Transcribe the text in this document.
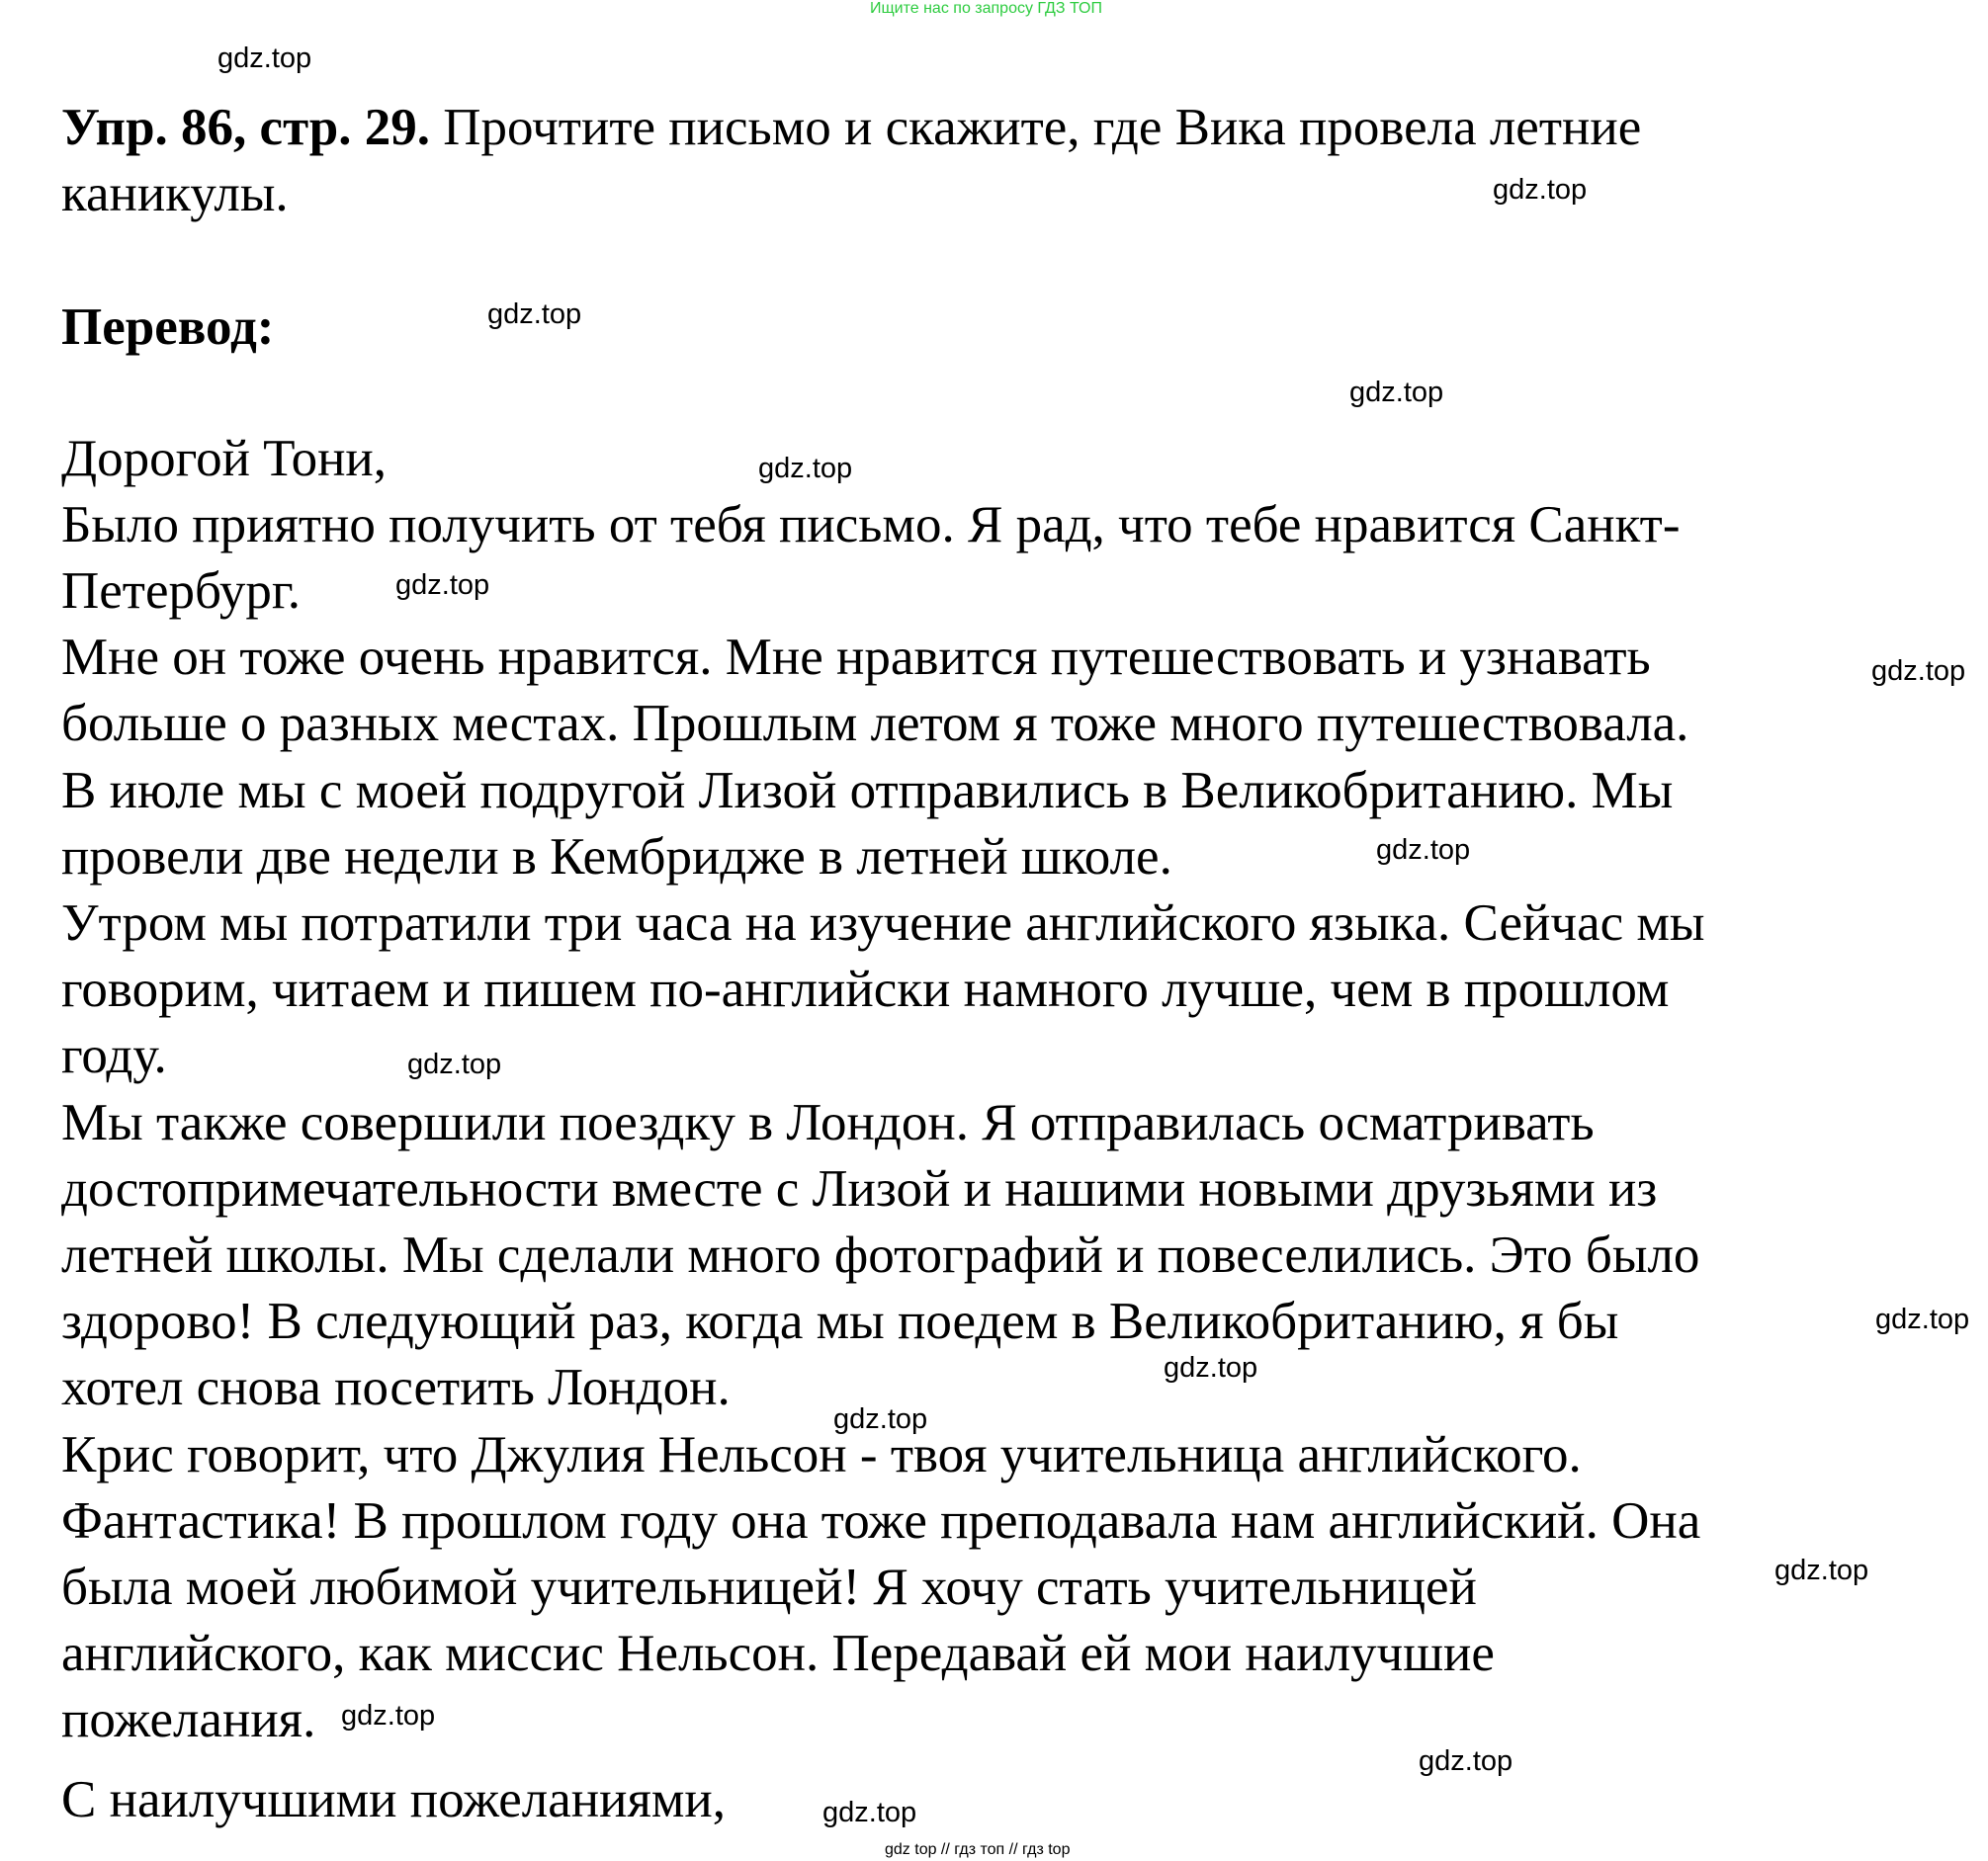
Ищите нас по запросу ГДЗ ТОП
Упр. 86, стр. 29. Прочтите письмо и скажите, где Вика провела летние
каникулы.
Перевод:
Дорогой Тони,
Было приятно получить от тебя письмо. Я рад, что тебе нравится Санкт-
Петербург.
Мне он тоже очень нравится. Мне нравится путешествовать и узнавать
больше о разных местах. Прошлым летом я тоже много путешествовала.
В июле мы с моей подругой Лизой отправились в Великобританию. Мы
провели две недели в Кембридже в летней школе.
Утром мы потратили три часа на изучение английского языка. Сейчас мы
говорим, читаем и пишем по-английски намного лучше, чем в прошлом
году.
Мы также совершили поездку в Лондон. Я отправилась осматривать
достопримечательности вместе с Лизой и нашими новыми друзьями из
летней школы. Мы сделали много фотографий и повеселились. Это было
здорово! В следующий раз, когда мы поедем в Великобританию, я бы
хотел снова посетить Лондон.
Крис говорит, что Джулия Нельсон - твоя учительница английского.
Фантастика! В прошлом году она тоже преподавала нам английский. Она
была моей любимой учительницей! Я хочу стать учительницей
английского, как миссис Нельсон. Передавай ей мои наилучшие
пожелания.
С наилучшими пожеланиями,
gdz.top
gdz.top
gdz.top
gdz.top
gdz.top
gdz.top
gdz.top
gdz.top
gdz.top
gdz.top
gdz.top
gdz.top
gdz.top
gdz.top
gdz.top
gdz.top
gdz top // гдз топ // гдз top
